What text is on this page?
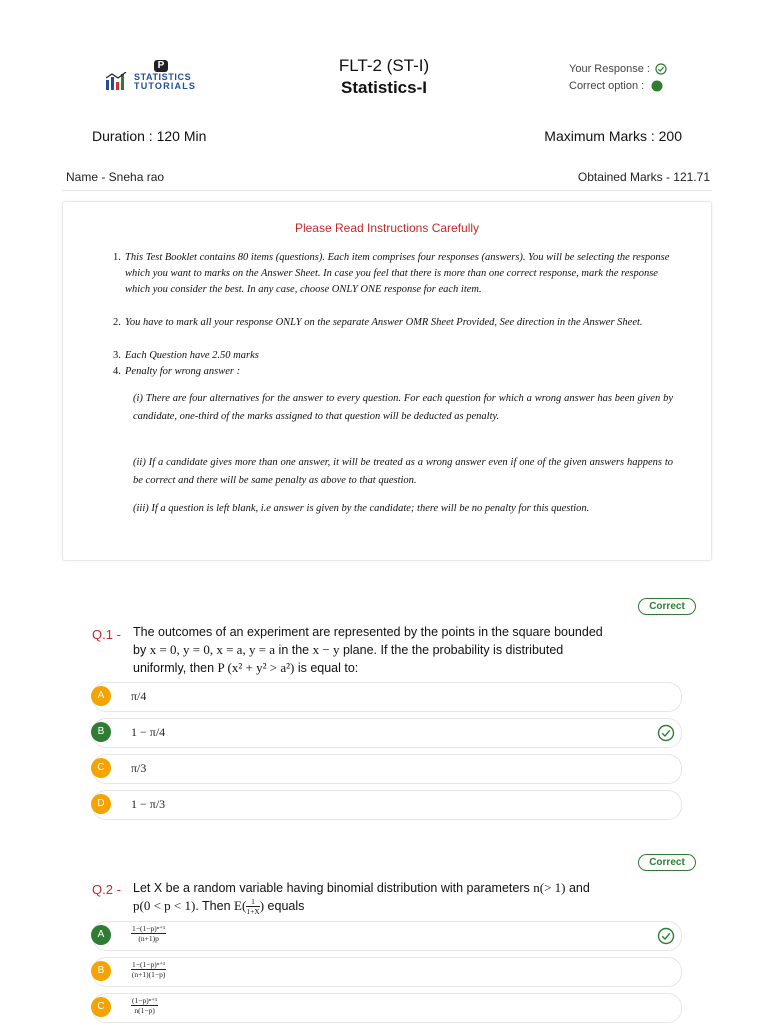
P
STATISTICS
TUTORIALS
FLT-2 (ST-I)
Statistics-I
Your Response :
Correct option :
Duration : 120 Min	Maximum Marks : 200
Name - Sneha rao	Obtained Marks - 121.71
Please Read Instructions Carefully
1. This Test Booklet contains 80 items (questions). Each item comprises four responses (answers). You will be selecting the response which you want to marks on the Answer Sheet. In case you feel that there is more than one correct response, mark the response which you consider the best. In any case, choose ONLY ONE response for each item.
2. You have to mark all your response ONLY on the separate Answer OMR Sheet Provided, See direction in the Answer Sheet.
3. Each Question have 2.50 marks
4. Penalty for wrong answer :
(i) There are four alternatives for the answer to every question. For each question for which a wrong answer has been given by candidate, one-third of the marks assigned to that question will be deducted as penalty.
(ii) If a candidate gives more than one answer, it will be treated as a wrong answer even if one of the given answers happens to be correct and there will be same penalty as above to that question.
(iii) If a question is left blank, i.e answer is given by the candidate; there will be no penalty for this question.
Correct
Q.1 - The outcomes of an experiment are represented by the points in the square bounded
by x = 0, y = 0, x = a, y = a in the x − y plane. If the the probability is distributed
uniformly, then P (x² + y² > a²) is equal to:
A	π/4
B	1 − π/4
C	π/3
D	1 − π/3
Correct
Q.2 - Let X be a random variable having binomial distribution with parameters n(> 1) and
p(0 < p < 1). Then $E( \frac{1}{1+X}$ ) equals
A	$\frac{\text{1−(1−p)ⁿ⁺¹}}{(n+1)p}$
B	$\frac{\text{1−(1−p)ⁿ⁺¹}}{(n+1)(1-p)}$
C	$\frac{\text{(1−p)ⁿ⁺¹}}{n(1-p)}$
